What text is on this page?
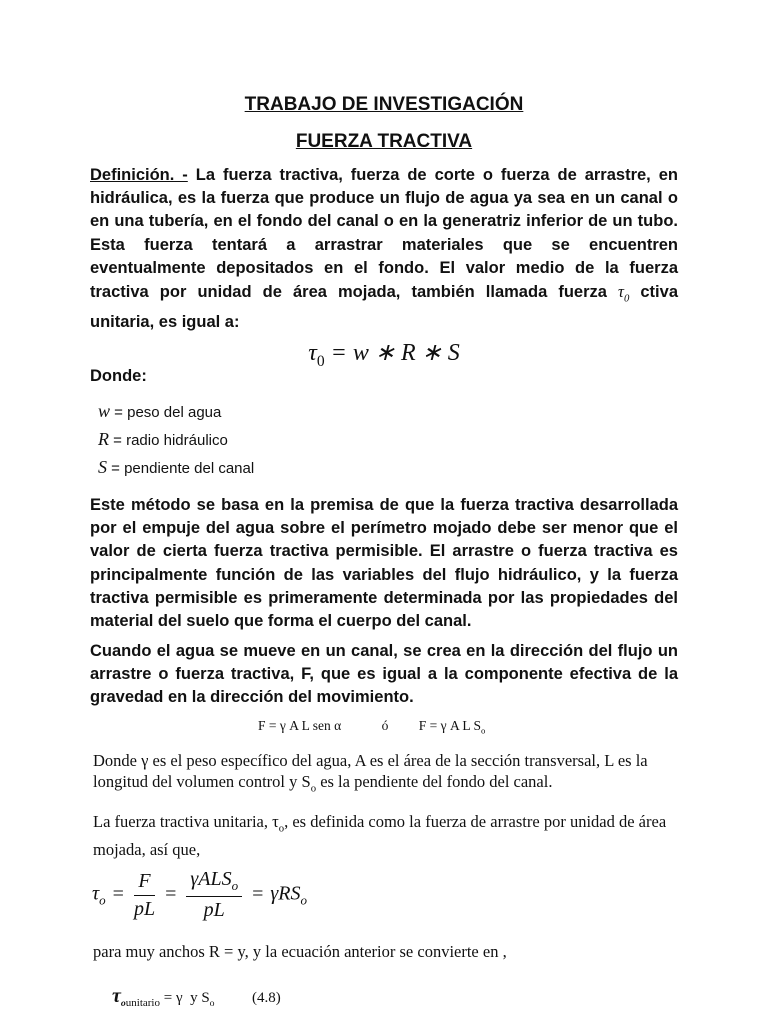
TRABAJO DE INVESTIGACIÓN
FUERZA TRACTIVA
Definición. - La fuerza tractiva, fuerza de corte o fuerza de arrastre, en hidráulica, es la fuerza que produce un flujo de agua ya sea en un canal o en una tubería, en el fondo del canal o en la generatriz inferior de un tubo. Esta fuerza tentará a arrastrar materiales que se encuentren eventualmente depositados en el fondo. El valor medio de la fuerza tractiva por unidad de área mojada, también llamada fuerza $\tau_0$ ctiva unitaria, es igual a:
$\tau_0 = w$ ∗ R ∗ S
Donde:
w = peso del agua
R = radio hidráulico
S = pendiente del canal
Este método se basa en la premisa de que la fuerza tractiva desarrollada por el empuje del agua sobre el perímetro mojado debe ser menor que el valor de cierta fuerza tractiva permisible. El arrastre o fuerza tractiva es principalmente función de las variables del flujo hidráulico, y la fuerza tractiva permisible es primeramente determinada por las propiedades del material del suelo que forma el cuerpo del canal.
Cuando el agua se mueve en un canal, se crea en la dirección del flujo un arrastre o fuerza tractiva, F, que es igual a la componente efectiva de la gravedad en la dirección del movimiento.
F = γ A L sen α	ó F = γ A L $S_o$
Donde γ es el peso específico del agua, A es el área de la sección transversal, L es la longitud del volumen control y $S_o$ es la pendiente del fondo del canal.
La fuerza tractiva unitaria, $\tau_o$, es definida como la fuerza de arrastre por unidad de área mojada, así que,
$\tau_o = \frac{F}{pL} = \frac{\gamma ALS_o}{pL} = \gamma RS_o$
para muy anchos R = y, y la ecuación anterior se convierte en ,
$\tau_{ounitario} = \gamma$  y $S_o$	(4.8)
